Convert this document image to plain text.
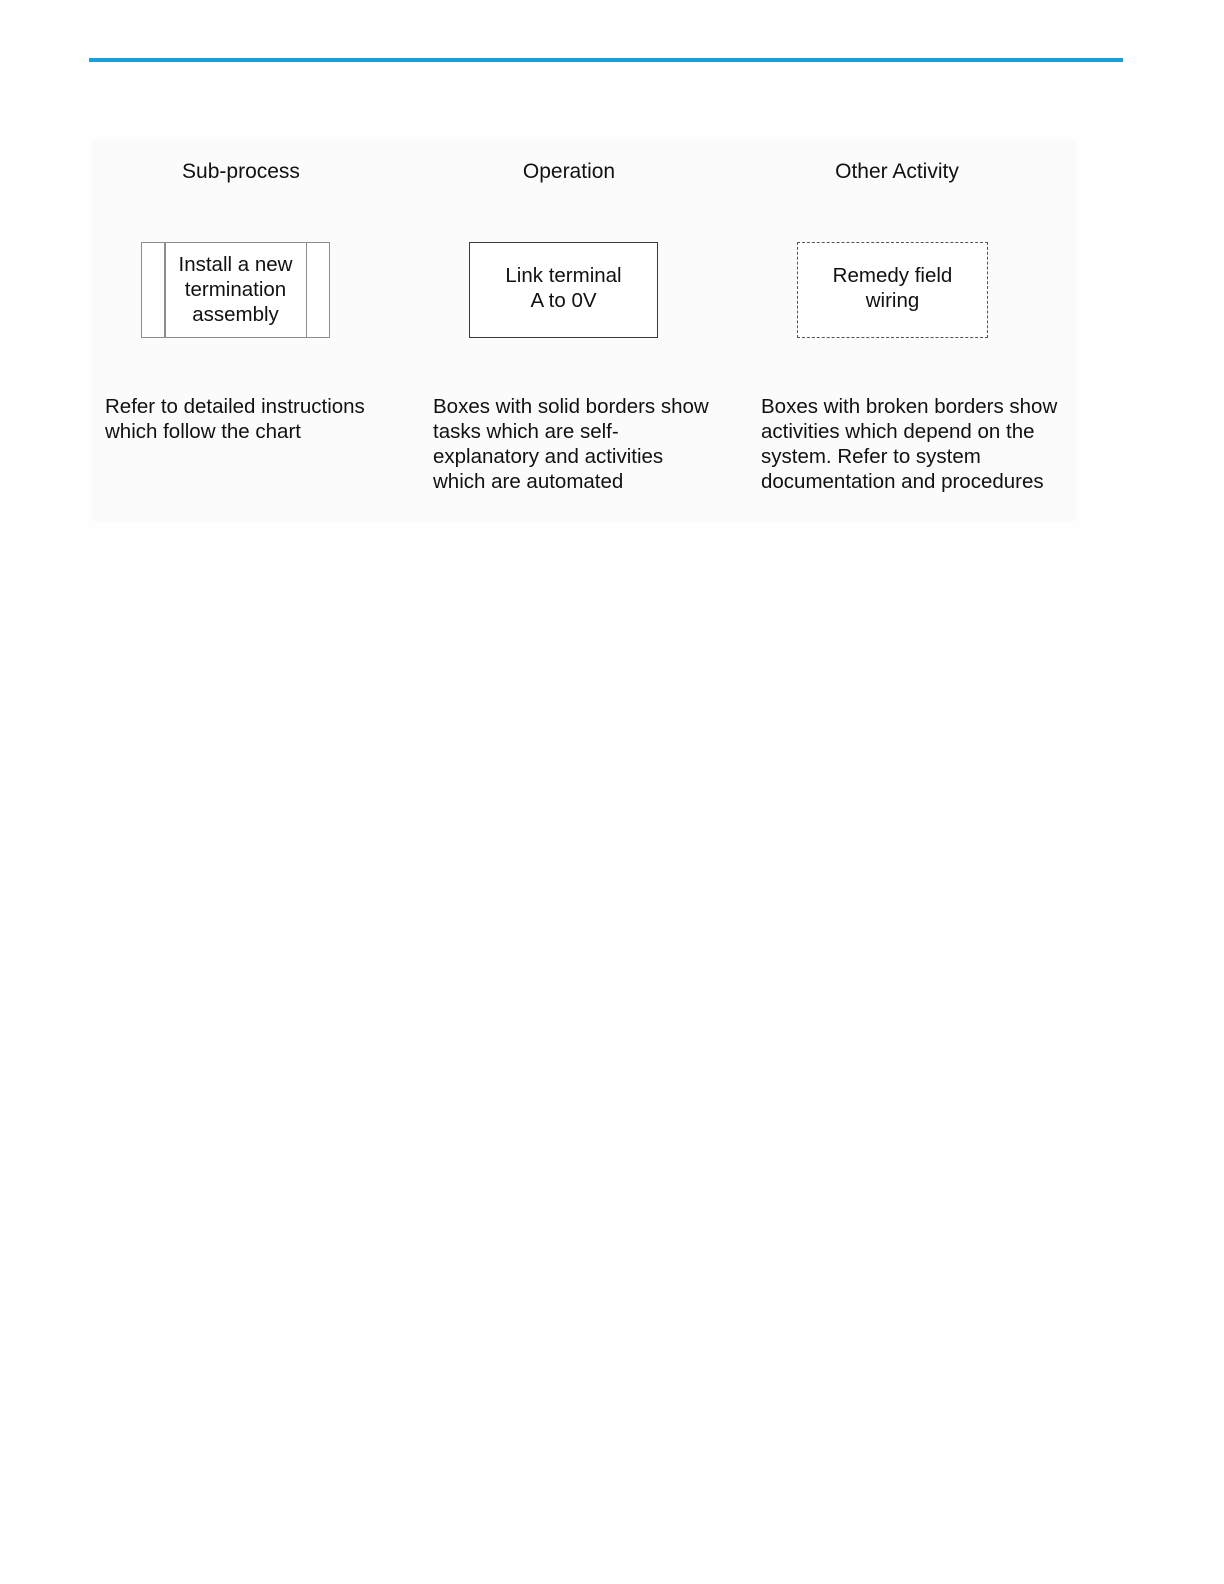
Sub-process
Install a new
termination
assembly

Refer to detailed instructions
which follow the chart

Operation
Link terminal
A to 0V

Boxes with solid borders show
tasks which are self-
explanatory and activities
which are automated

Other Activity
Remedy field
wiring

Boxes with broken borders show
activities which depend on the
system. Refer to system
documentation and procedures
